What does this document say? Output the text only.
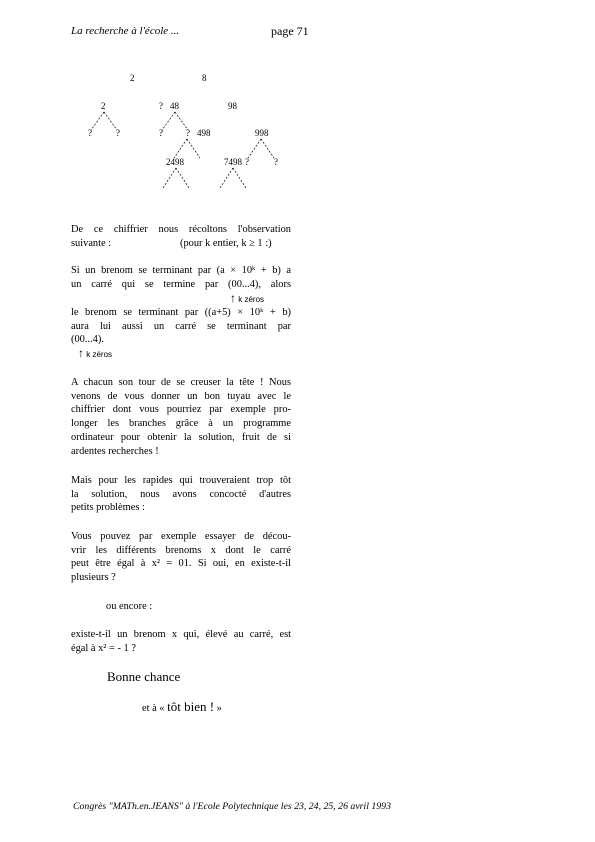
La recherche à l'école ...	page 71
2	8
2	? 48	98
?	?	?	? 498	998
2498	7498 ?	?
De ce chiffrier nous récoltons l'observation
suivante :	(pour k entier, k ≥ 1 :)
Si un brenom se terminant par (a × 10ᵏ + b) a
un carré qui se termine par (00...4), alors
↑ k zéros
le brenom se terminant par ((a+5) × 10ᵏ + b)
aura lui aussi un carré se terminant par
(00...4).
↑ k zéros
A chacun son tour de se creuser la tête ! Nous
venons de vous donner un bon tuyau avec le
chiffrier dont vous pourriez par exemple pro-
longer les branches grâce à un programme
ordinateur pour obtenir la solution, fruit de si
ardentes recherches !
Mais pour les rapides qui trouveraient trop tôt
la solution, nous avons concocté d'autres
petits problèmes :
Vous pouvez par exemple essayer de décou-
vrir les différents brenoms x dont le carré
peut être égal à x² = 01. Si oui, en existe-t-il
plusieurs ?
ou encore :
existe-t-il un brenom x qui, élevé au carré, est
égal à x² = - 1 ?
Bonne chance
et à « tôt bien ! »
Congrès "MATh.en.JEANS" à l'Ecole Polytechnique les 23, 24, 25, 26 avril 1993
